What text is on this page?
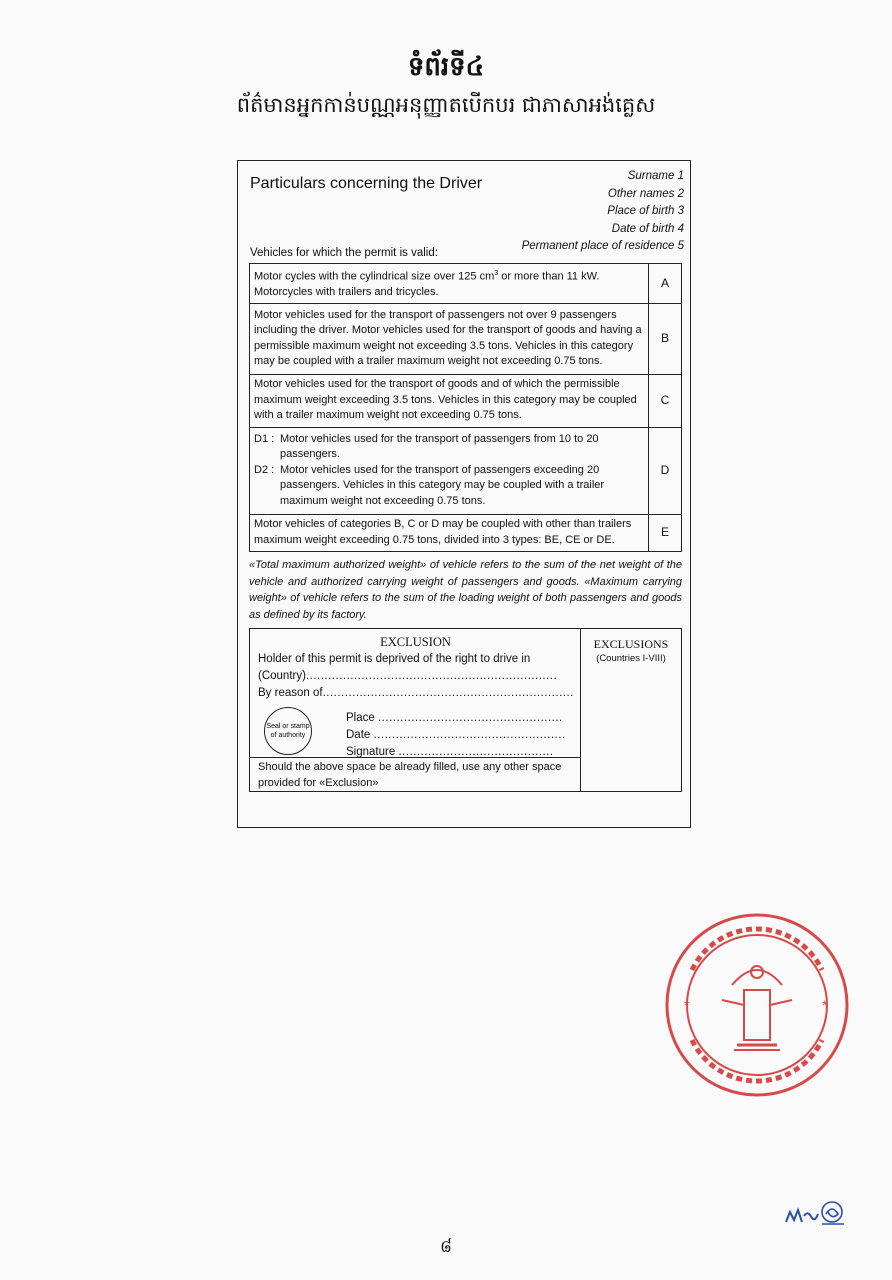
ទំព័រទី៤
ព័ត៌មានអ្នកកាន់បណ្ណអនុញ្ញាតបើកបរ ជាភាសាអង់គ្លេស
Particulars concerning the Driver	Surname 1
Other names 2
Place of birth 3
Date of birth 4
Permanent place of residence 5
Vehicles for which the permit is valid:
Motor cycles with the cylindrical size over 125 $cm^3$ or more than 11 kW.
Motorcycles with trailers and tricycles.	A
Motor vehicles used for the transport of passengers not over 9 passengers including the driver. Motor vehicles used for the transport of goods and having a permissible maximum weight not exceeding 3.5 tons. Vehicles in this category may be coupled with a trailer maximum weight not exceeding 0.75 tons.	B
Motor vehicles used for the transport of goods and of which the permissible maximum weight exceeding 3.5 tons. Vehicles in this category may be coupled with a trailer maximum weight not exceeding 0.75 tons.	C

D1 : Motor vehicles used for the transport of passengers from 10 to 20 passengers.
D2 : Motor vehicles used for the transport of passengers exceeding 20 passengers. Vehicles in this category may be coupled with a trailer maximum weight not exceeding 0.75 tons.	D
Motor vehicles of categories B, C or D may be coupled with other than trailers maximum weight exceeding 0.75 tons, divided into 3 types: BE, CE or DE.	E
«Total maximum authorized weight» of vehicle refers to the sum of the net weight of the vehicle and authorized carrying weight of passengers and goods. «Maximum carrying weight» of vehicle refers to the sum of the loading weight of both passengers and goods as defined by its factory.
EXCLUSION
Holder of this permit is deprived of the right to drive in
(Country)....................................................................
By reason of....................................................................
Seal or stamp of authority
Place ..................................................
Date ....................................................
Signature ..........................................
Should the above space be already filled, use any other space provided for «Exclusion»
EXCLUSIONS
(Countries I-VIII)
*	*
៨
